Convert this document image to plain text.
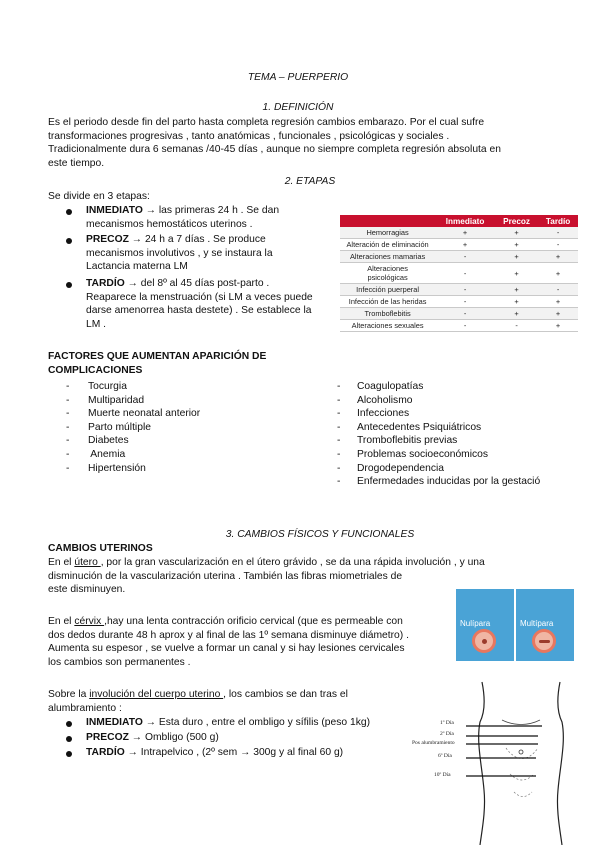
TEMA – PUERPERIO
1. DEFINICIÓN

Es el periodo desde fin del parto hasta completa regresión cambios embarazo. Por el cual sufre

transformaciones progresivas , tanto anatómicas , funcionales , psicológicas y sociales .

Tradicionalmente dura 6 semanas /40-45 días , aunque no siempre completa regresión absoluta en

este tiempo.

2. ETAPAS
Se divide en 3 etapas:

INMEDIATO → las primeras 24 h . Se dan

mecanismos hemostáticos uterinos .

PRECOZ → 24 h a 7 días . Se produce

mecanismos involutivos , y se instaura la

Lactancia materna LM

TARDÍO → del 8º al 45 días post-parto .

Reaparece la menstruación (si LM a veces puede

darse amenorrea hasta destete) . Se establece la

LM .

	Inmediato	Precoz	Tardío
Hemorragias	+	+	-
Alteración de eliminación	+	+	-
Alteraciones mamarias	-	+	+
Alteraciones psicológicas	-	+	+
Infección puerperal	-	+	-
Infección de las heridas	-	+	+
Tromboflebitis	-	+	+
Alteraciones sexuales	-	-	+

FACTORES QUE AUMENTAN APARICIÓN DE

COMPLICACIONES

- Tocurgia

- Multiparidad

- Muerte neonatal anterior

- Parto múltiple

- Diabetes

- Anemia

- Hipertensión

- Coagulopatías

- Alcoholismo

- Infecciones

- Antecedentes Psiquiátricos

- Tromboflebitis previas

- Problemas socioeconómicos

- Drogodependencia

- Enfermedades inducidas por la gestació

3. CAMBIOS FÍSICOS Y FUNCIONALES
CAMBIOS UTERINOS

En el útero , por la gran vascularización en el útero grávido , se da una rápida involución , y una

disminución de la vascularización uterina . También las fibras miometriales de

este disminuyen.

En el cérvix ,hay una lenta contracción orificio cervical (que es permeable con

dos dedos durante 48 h aprox y al final de las 1º semana disminuye diámetro) .

Aumenta su espesor , se vuelve a formar un canal y si hay lesiones cervicales

los cambios son permanentes .

Nulípara	Multípara

Sobre la involución del cuerpo uterino , los cambios se dan tras el

alumbramiento :

INMEDIATO → Esta duro , entre el ombligo y sífilis (peso 1kg)
PRECOZ → Ombligo (500 g)
TARDÍO → Intrapelvico , (2º sem → 300g y al final 60 g)
1º Día
2º Día
Pos alumbramiento
6º Día
10º Día
